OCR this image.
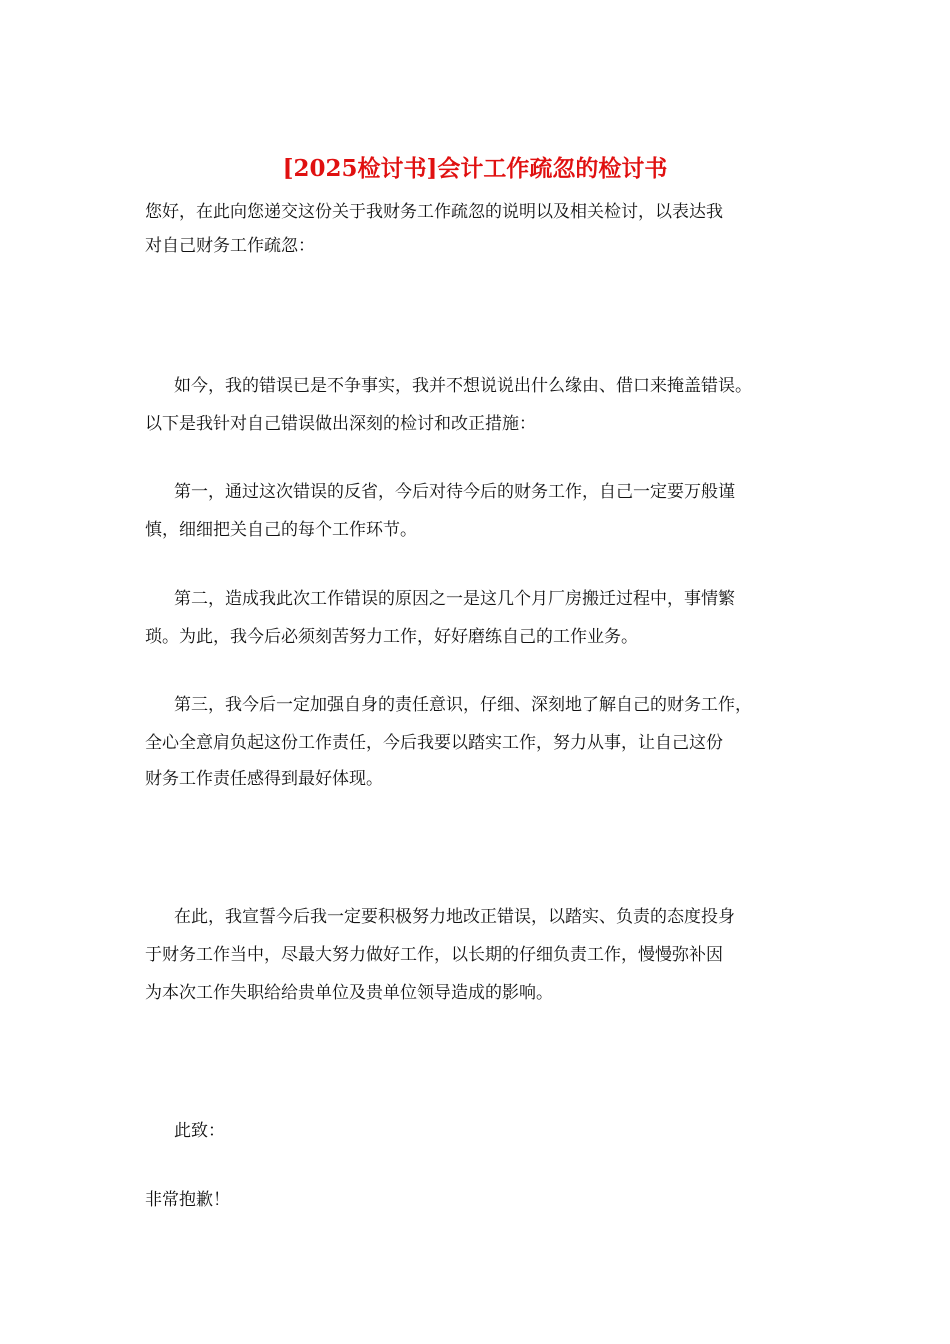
[2025检讨书]会计工作疏忽的检讨书
您好，在此向您递交这份关于我财务工作疏忽的说明以及相关检讨，以表达我
对自己财务工作疏忽：
如今，我的错误已是不争事实，我并不想说说出什么缘由、借口来掩盖错误。
以下是我针对自己错误做出深刻的检讨和改正措施：
第一，通过这次错误的反省，今后对待今后的财务工作，自己一定要万般谨
慎，细细把关自己的每个工作环节。
第二，造成我此次工作错误的原因之一是这几个月厂房搬迁过程中，事情繁
琐。为此，我今后必须刻苦努力工作，好好磨练自己的工作业务。
第三，我今后一定加强自身的责任意识，仔细、深刻地了解自己的财务工作，
全心全意肩负起这份工作责任，今后我要以踏实工作，努力从事，让自己这份
财务工作责任感得到最好体现。
在此，我宣誓今后我一定要积极努力地改正错误，以踏实、负责的态度投身
于财务工作当中，尽最大努力做好工作，以长期的仔细负责工作，慢慢弥补因
为本次工作失职给给贵单位及贵单位领导造成的影响。
此致：
非常抱歉！
